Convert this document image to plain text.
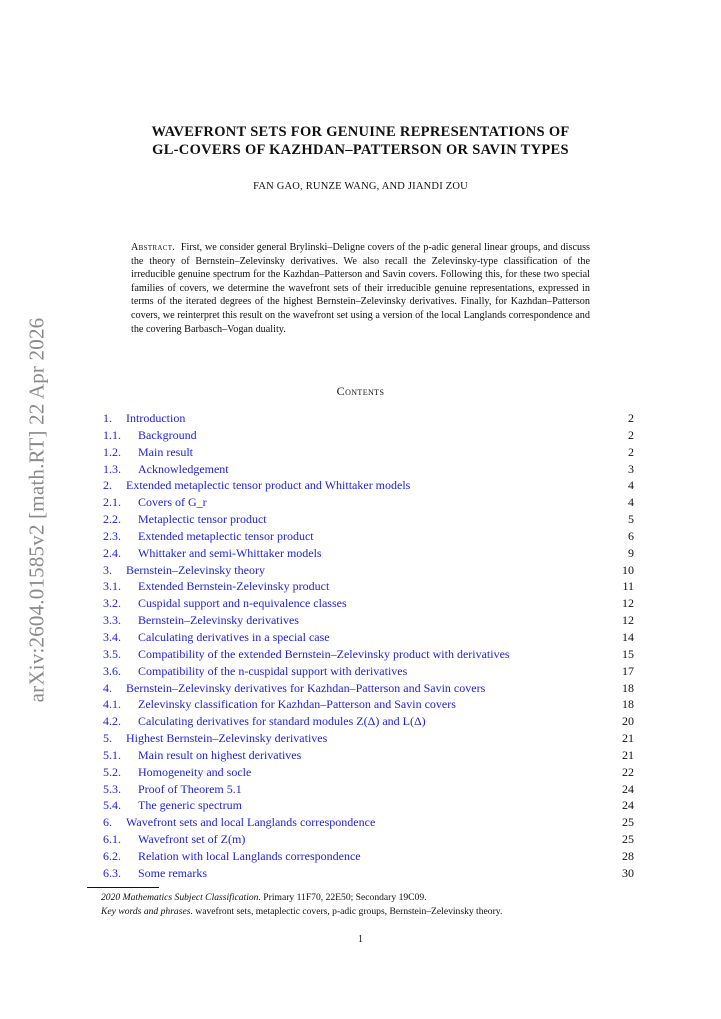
arXiv:2604.01585v2 [math.RT] 22 Apr 2026
WAVEFRONT SETS FOR GENUINE REPRESENTATIONS OF
GL-COVERS OF KAZHDAN–PATTERSON OR SAVIN TYPES
FAN GAO, RUNZE WANG, AND JIANDI ZOU
Abstract. First, we consider general Brylinski–Deligne covers of the p-adic general linear groups, and discuss the theory of Bernstein–Zelevinsky derivatives. We also recall the Zelevinsky-type classification of the irreducible genuine spectrum for the Kazhdan–Patterson and Savin covers. Following this, for these two special families of covers, we determine the wavefront sets of their irreducible genuine representations, expressed in terms of the iterated degrees of the highest Bernstein–Zelevinsky derivatives. Finally, for Kazhdan–Patterson covers, we reinterpret this result on the wavefront set using a version of the local Langlands correspondence and the covering Barbasch–Vogan duality.
Contents
1. Introduction	2
1.1. Background	2
1.2. Main result	2
1.3. Acknowledgement	3
2. Extended metaplectic tensor product and Whittaker models	4
2.1. Covers of G_r	4
2.2. Metaplectic tensor product	5
2.3. Extended metaplectic tensor product	6
2.4. Whittaker and semi-Whittaker models	9
3. Bernstein–Zelevinsky theory	10
3.1. Extended Bernstein-Zelevinsky product	11
3.2. Cuspidal support and n-equivalence classes	12
3.3. Bernstein–Zelevinsky derivatives	12
3.4. Calculating derivatives in a special case	14
3.5. Compatibility of the extended Bernstein–Zelevinsky product with derivatives	15
3.6. Compatibility of the n-cuspidal support with derivatives	17
4. Bernstein–Zelevinsky derivatives for Kazhdan–Patterson and Savin covers	18
4.1. Zelevinsky classification for Kazhdan–Patterson and Savin covers	18
4.2. Calculating derivatives for standard modules Z(Δ) and L(Δ)	20
5. Highest Bernstein–Zelevinsky derivatives	21
5.1. Main result on highest derivatives	21
5.2. Homogeneity and socle	22
5.3. Proof of Theorem 5.1	24
5.4. The generic spectrum	24
6. Wavefront sets and local Langlands correspondence	25
6.1. Wavefront set of Z(m)	25
6.2. Relation with local Langlands correspondence	28
6.3. Some remarks	30

2020 Mathematics Subject Classification. Primary 11F70, 22E50; Secondary 19C09.

Key words and phrases. wavefront sets, metaplectic covers, p-adic groups, Bernstein–Zelevinsky theory.

1
